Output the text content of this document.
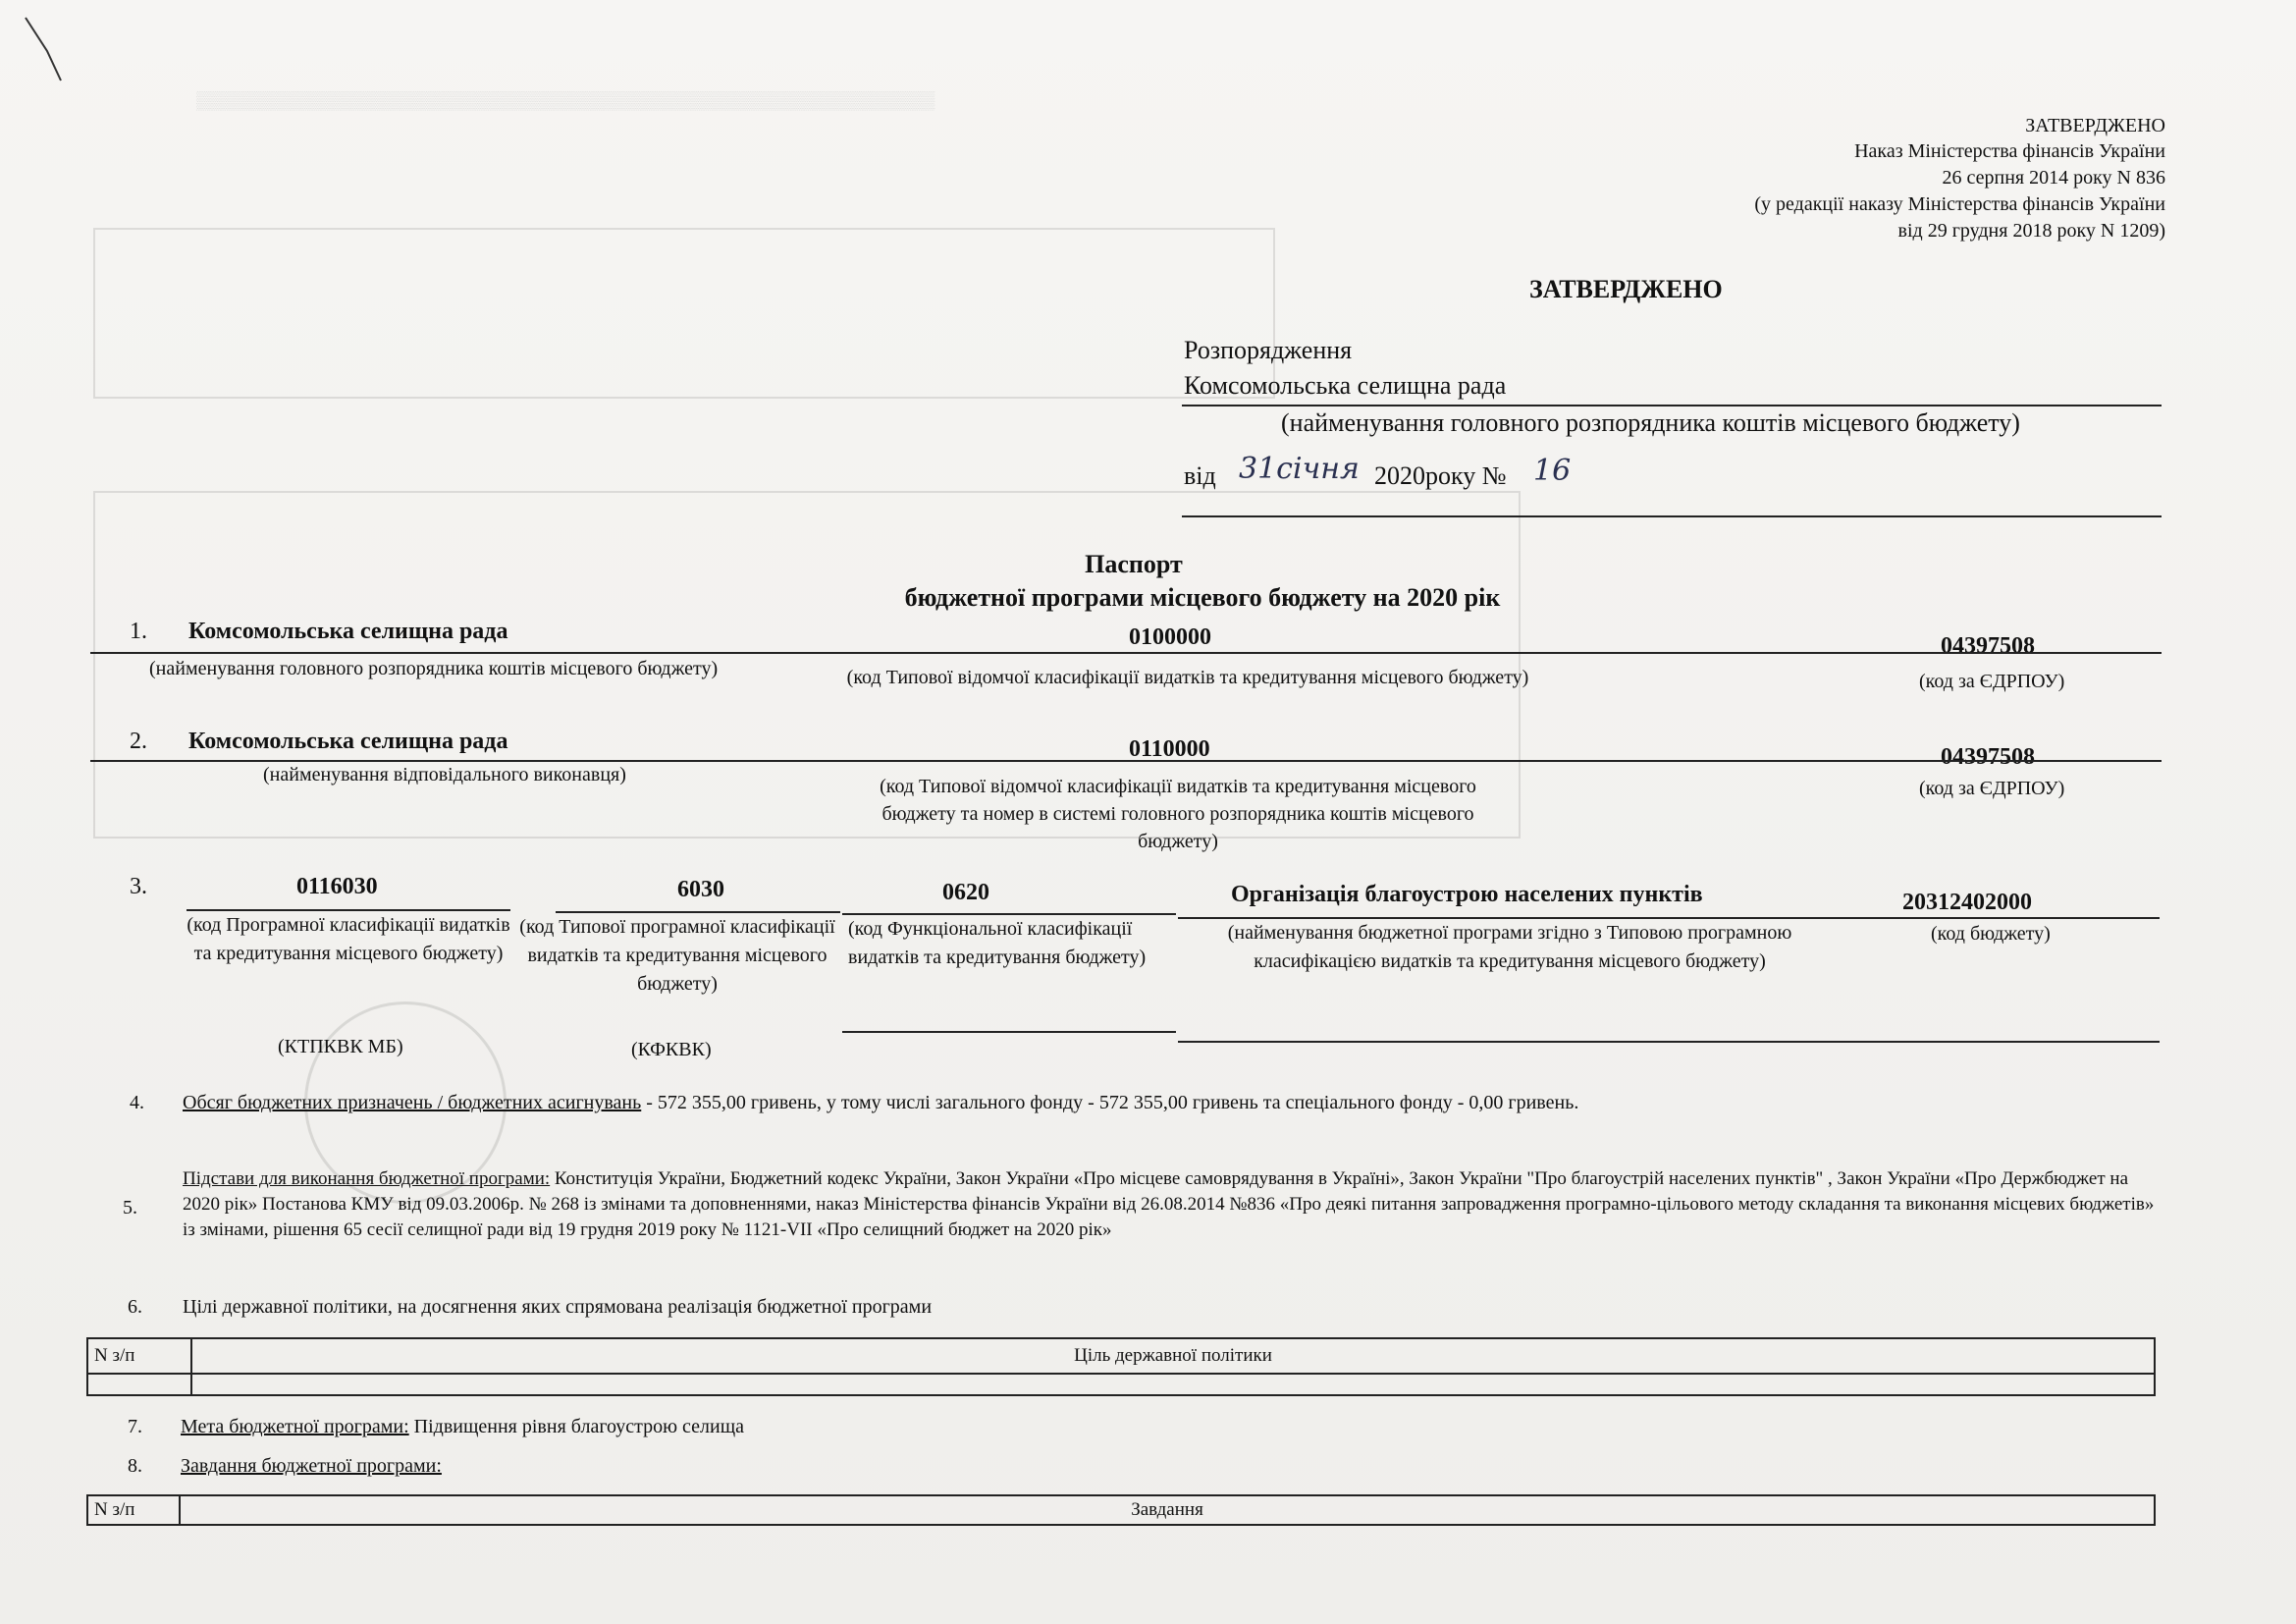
▒▒▒▒▒▒▒▒▒▒▒▒▒▒▒▒▒▒▒▒▒▒▒▒▒▒▒▒▒▒▒▒▒▒▒▒▒▒▒▒▒▒▒▒▒▒▒▒▒▒▒▒▒▒▒▒▒▒▒
ЗАТВЕРДЖЕНО
Наказ Міністерства фінансів України
26 серпня 2014 року N 836
(у редакції наказу Міністерства фінансів України
від 29 грудня 2018 року N 1209)
ЗАТВЕРДЖЕНО
Розпорядження
Комсомольська селищна рада
(найменування головного розпорядника коштів місцевого бюджету)
від 31січня 2020року № 16
Паспорт
бюджетної програми місцевого бюджету на 2020 рік
1. Комсомольська селищна рада	0100000	04397508
(найменування головного розпорядника коштів місцевого бюджету)	(код Типової відомчої класифікації видатків та кредитування місцевого бюджету)	(код за ЄДРПОУ)
2. Комсомольська селищна рада	0110000	04397508
(найменування відповідального виконавця)
(код Типової відомчої класифікації видатків та кредитування місцевого бюджету та номер в системі головного розпорядника коштів місцевого бюджету)
(код за ЄДРПОУ)
3.	0116030	6030	0620	Організація благоустрою населених пунктів	20312402000
(код Програмної класифікації видатків та кредитування місцевого бюджету)
(код Типової програмної класифікації видатків та кредитування місцевого бюджету)
(код Функціональної класифікації видатків та кредитування бюджету)
(найменування бюджетної програми згідно з Типовою програмною класифікацією видатків та кредитування місцевого бюджету)
(код бюджету)
(КТПКВК МБ)	(КФКВК)
4. Обсяг бюджетних призначень / бюджетних асигнувань - 572 355,00 гривень, у тому числі загального фонду - 572 355,00 гривень та спеціального фонду - 0,00 гривень.
5.
Підстави для виконання бюджетної програми: Конституція України, Бюджетний кодекс України, Закон України «Про місцеве самоврядування в Україні», Закон України "Про благоустрій населених пунктів" , Закон України «Про Держбюджет на 2020 рік» Постанова КМУ від 09.03.2006р. № 268 із змінами та доповненнями, наказ Міністерства фінансів України від 26.08.2014 №836 «Про деякі питання запровадження програмно-цільового методу складання та виконання місцевих бюджетів» із змінами, рішення 65 сесії селищної ради від 19 грудня 2019 року № 1121-VII «Про селищний бюджет на 2020 рік»
6. Цілі державної політики, на досягнення яких спрямована реалізація бюджетної програми
N з/п	Ціль державної політики

7. Мета бюджетної програми: Підвищення рівня благоустрою селища
8. Завдання бюджетної програми:
N з/п	Завдання
